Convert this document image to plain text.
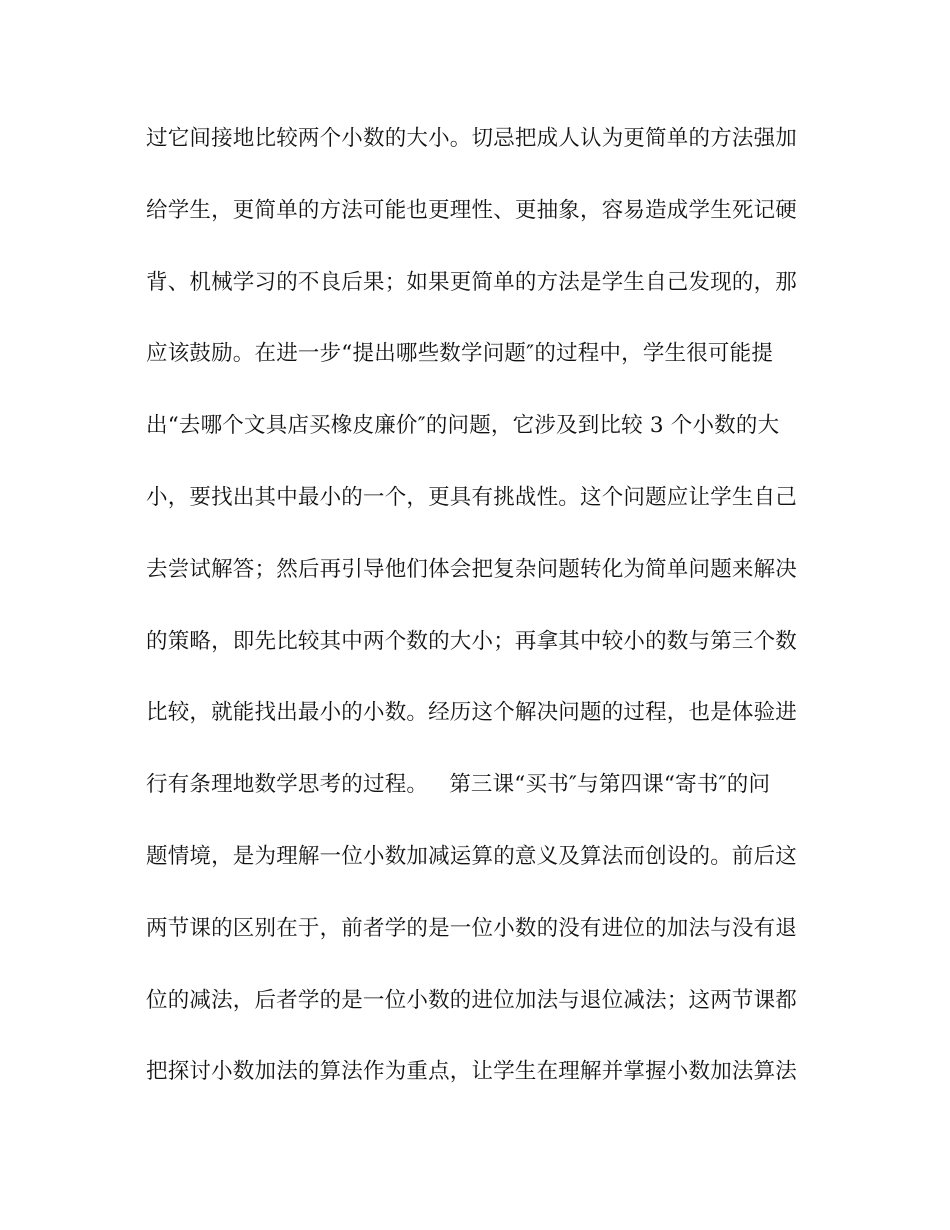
过它间接地比较两个小数的大小。切忌把成人认为更简单的方法强加
给学生，更简单的方法可能也更理性、更抽象，容易造成学生死记硬
背、机械学习的不良后果；如果更简单的方法是学生自己发现的，那
应该鼓励。在进一步“提出哪些数学问题″的过程中，学生很可能提
出“去哪个文具店买橡皮廉价″的问题，它涉及到比较 3 个小数的大
小，要找出其中最小的一个，更具有挑战性。这个问题应让学生自己
去尝试解答；然后再引导他们体会把复杂问题转化为简单问题来解决
的策略，即先比较其中两个数的大小；再拿其中较小的数与第三个数
比较，就能找出最小的小数。经历这个解决问题的过程，也是体验进
行有条理地数学思考的过程。   第三课“买书″与第四课“寄书″的问
题情境，是为理解一位小数加减运算的意义及算法而创设的。前后这
两节课的区别在于，前者学的是一位小数的没有进位的加法与没有退
位的减法，后者学的是一位小数的进位加法与退位减法；这两节课都
把探讨小数加法的算法作为重点，让学生在理解并掌握小数加法算法
